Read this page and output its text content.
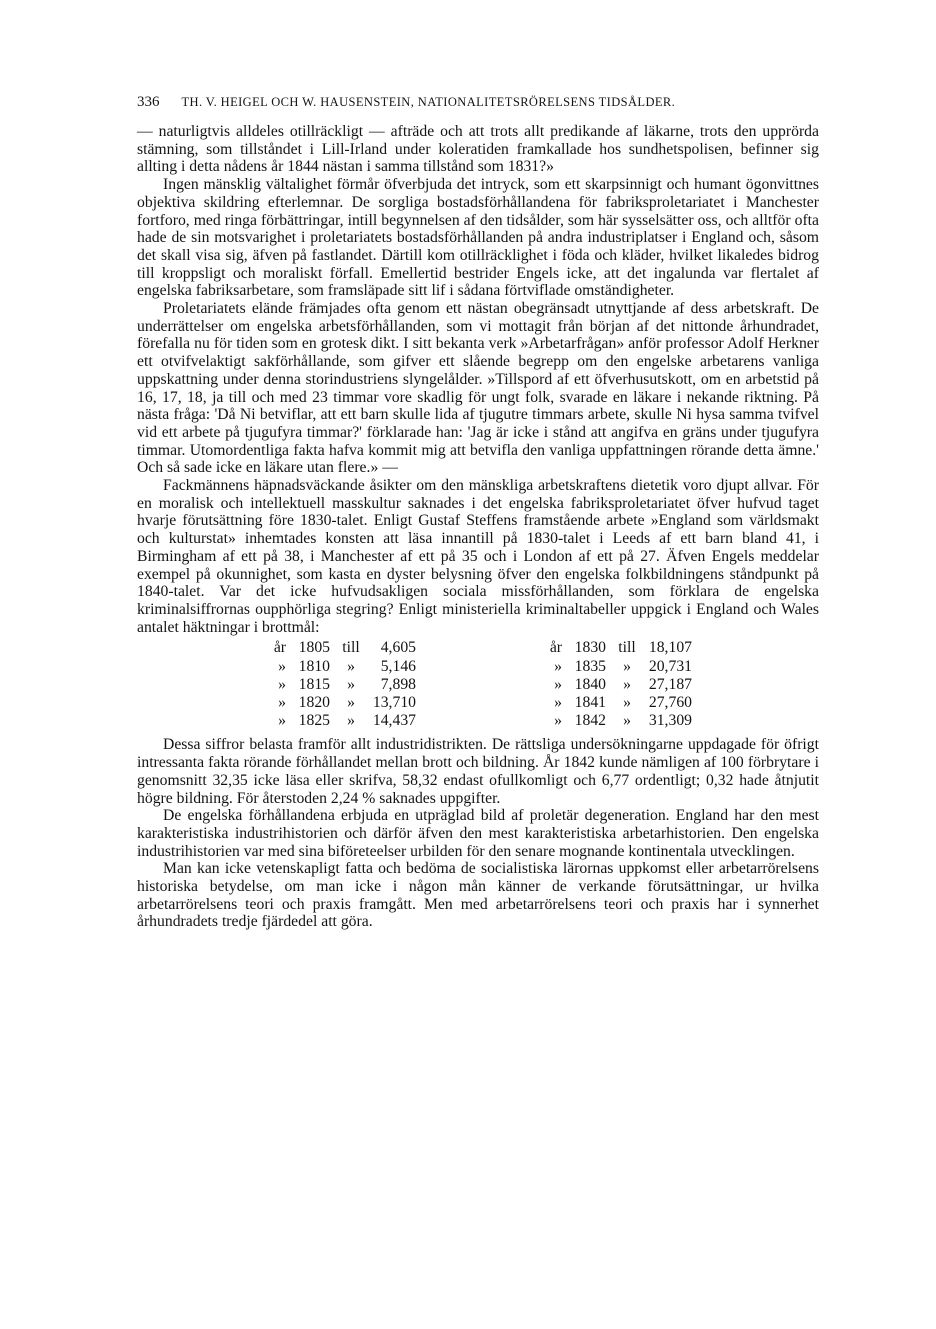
336 TH. V. HEIGEL OCH W. HAUSENSTEIN, NATIONALITETSRÖRELSENS TIDSÅLDER.

— naturligtvis alldeles otillräckligt — afträde och att trots allt predikande af läkarne, trots den upprörda stämning, som tillståndet i Lill-Irland under koleratiden framkallade hos sundhetspolisen, befinner sig allting i detta nådens år 1844 nästan i samma tillstånd som 1831?»

Ingen mänsklig vältalighet förmår öfverbjuda det intryck, som ett skarpsinnigt och humant ögonvittnes objektiva skildring efterlemnar. De sorgliga bostadsförhållandena för fabriksproletariatet i Manchester fortforo, med ringa förbättringar, intill begynnelsen af den tidsålder, som här sysselsätter oss, och alltför ofta hade de sin motsvarighet i proletariatets bostadsförhållanden på andra industriplatser i England och, såsom det skall visa sig, äfven på fastlandet. Därtill kom otillräcklighet i föda och kläder, hvilket likaledes bidrog till kroppsligt och moraliskt förfall. Emellertid bestrider Engels icke, att det ingalunda var flertalet af engelska fabriksarbetare, som framsläpade sitt lif i sådana förtviflade omständigheter.

Proletariatets elände främjades ofta genom ett nästan obegränsadt utnyttjande af dess arbetskraft. De underrättelser om engelska arbetsförhållanden, som vi mottagit från början af det nittonde århundradet, förefalla nu för tiden som en grotesk dikt. I sitt bekanta verk »Arbetarfrågan» anför professor Adolf Herkner ett otvifvelaktigt sakförhållande, som gifver ett slående begrepp om den engelske arbetarens vanliga uppskattning under denna storindustriens slyngelålder. »Tillspord af ett öfverhusutskott, om en arbetstid på 16, 17, 18, ja till och med 23 timmar vore skadlig för ungt folk, svarade en läkare i nekande riktning. På nästa fråga: 'Då Ni betviflar, att ett barn skulle lida af tjugutre timmars arbete, skulle Ni hysa samma tvifvel vid ett arbete på tjugufyra timmar?' förklarade han: 'Jag är icke i stånd att angifva en gräns under tjugufyra timmar. Utomordentliga fakta hafva kommit mig att betvifla den vanliga uppfattningen rörande detta ämne.' Och så sade icke en läkare utan flere.» —

Fackmännens häpnadsväckande åsikter om den mänskliga arbetskraftens dietetik voro djupt allvar. För en moralisk och intellektuell masskultur saknades i det engelska fabriksproletariatet öfver hufvud taget hvarje förutsättning före 1830-talet. Enligt Gustaf Steffens framstående arbete »England som världsmakt och kulturstat» inhemtades konsten att läsa innantill på 1830-talet i Leeds af ett barn bland 41, i Birmingham af ett på 38, i Manchester af ett på 35 och i London af ett på 27. Äfven Engels meddelar exempel på okunnighet, som kasta en dyster belysning öfver den engelska folkbildningens ståndpunkt på 1840-talet. Var det icke hufvudsakligen sociala missförhållanden, som förklara de engelska kriminalsiffrornas oupphörliga stegring? Enligt ministeriella kriminaltabeller uppgick i England och Wales antalet häktningar i brottmål:

år 1805 till	4,605
» 1810	»	5,146
» 1815	»	7,898
» 1820	»	13,710
» 1825	»	14,437
år 1830 till 18,107
» 1835	»	20,731
» 1840	»	27,187
» 1841	»	27,760
» 1842	»	31,309

Dessa siffror belasta framför allt industridistrikten. De rättsliga undersökningarne uppdagade för öfrigt intressanta fakta rörande förhållandet mellan brott och bildning. År 1842 kunde nämligen af 100 förbrytare i genomsnitt 32,35 icke läsa eller skrifva, 58,32 endast ofullkomligt och 6,77 ordentligt; 0,32 hade åtnjutit högre bildning. För återstoden 2,24 % saknades uppgifter.

De engelska förhållandena erbjuda en utpräglad bild af proletär degeneration. England har den mest karakteristiska industrihistorien och därför äfven den mest karakteristiska arbetarhistorien. Den engelska industrihistorien var med sina biföreteelser urbilden för den senare mognande kontinentala utvecklingen.

Man kan icke vetenskapligt fatta och bedöma de socialistiska lärornas uppkomst eller arbetarrörelsens historiska betydelse, om man icke i någon mån känner de verkande förutsättningar, ur hvilka arbetarrörelsens teori och praxis framgått. Men med arbetarrörelsens teori och praxis har i synnerhet århundradets tredje fjärdedel att göra.
